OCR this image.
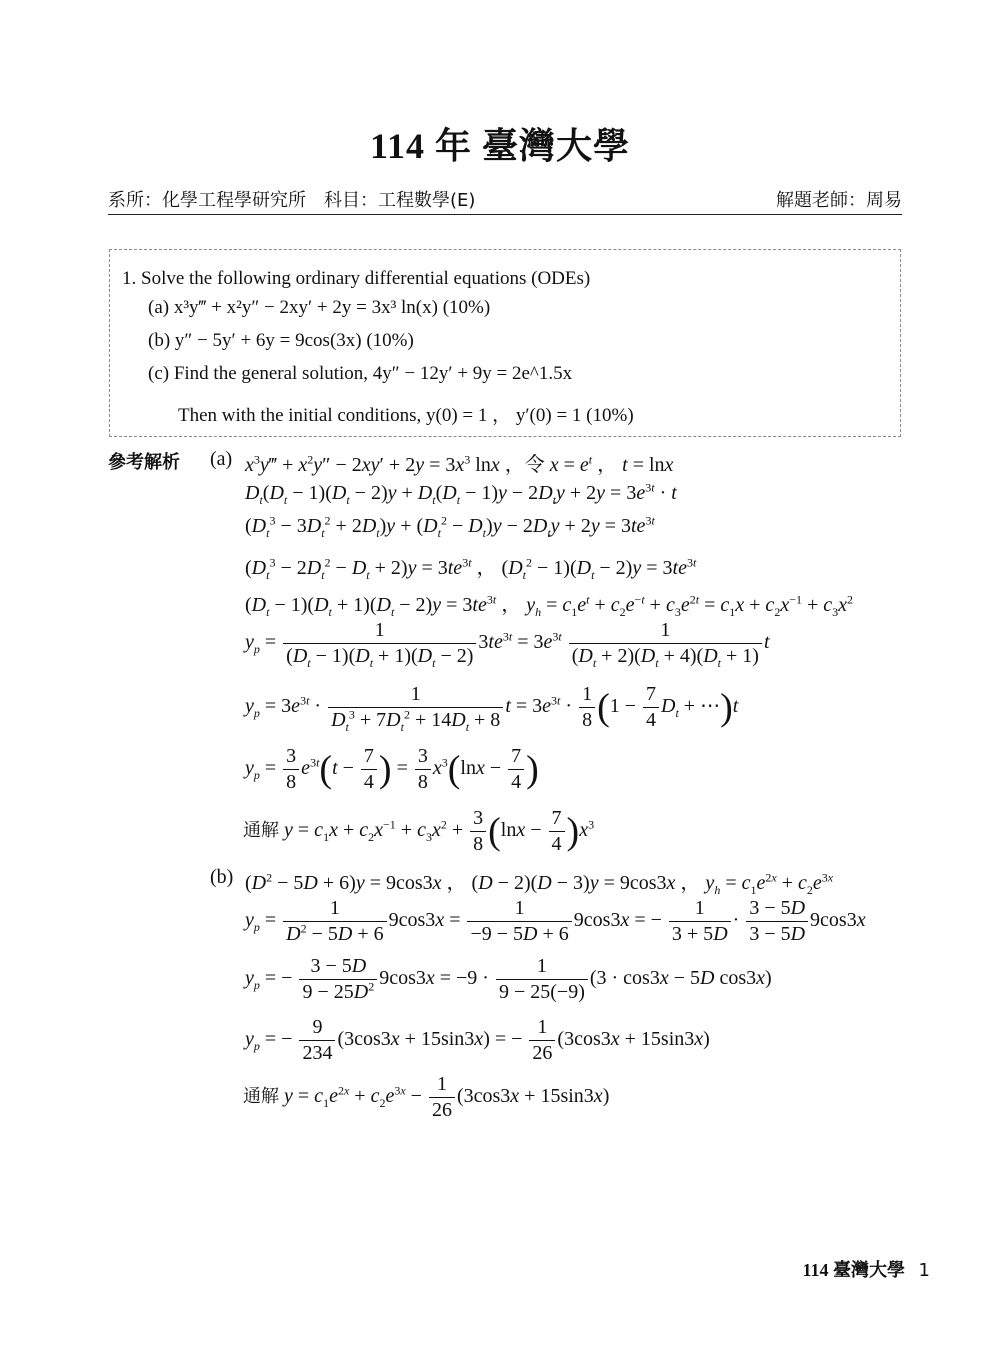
114 年 臺灣大學
系所：化學工程學研究所　科目：工程數學(E)	解題老師：周易
1. Solve the following ordinary differential equations (ODEs)
(a) x³y‴ + x²y″ − 2xy′ + 2y = 3x³ ln(x) (10%)
(b) y″ − 5y′ + 6y = 9cos(3x) (10%)
(c) Find the general solution, 4y″ − 12y′ + 9y = 2e^1.5x
Then with the initial conditions, y(0) = 1 ， y′(0) = 1 (10%)
參考解析 (a) $x^3y‴ + x^2y'' - 2xy' + 2y = 3x^3$ lnx ，令 $x = e^t$ ， t = lnx
$D_t(D_t - 1)(D_t - 2)y + D_t(D_t - 1)y - 2D_ty + 2y = 3e^{3t} \cdot t$
$(D_t^3 - 3D_t^2 + 2D_t)y + (D_t^2 - D_t)y - 2D_ty + 2y = 3te^{3t}$
$(D_t^3 - 2D_t^2 - D_t + 2)y = 3te^{3t}$ ， $(D_t^2 - 1)(D_t - 2)y = 3te^{3t}$
$(D_t - 1)(D_t + 1)(D_t - 2)y = 3te^{3t}$ ， $y_h = c_1e^t + c_2e^{-t} + c_3e^{2t} = c_1x + c_2x^{-1} + c_3x^2$
$y_p = \frac{1}{(D_t - 1)(D_t + 1)(D_t - 2)} 3te^{3t} = 3e^{3t} \frac{1}{(D_t + 2)(D_t + 4)(D_t + 1)}$ t
$y_p = 3e^{3t} \cdot \frac{1}{D_t^3 + 7D_t^2 + 14D_t + 8}$ $t = 3e^{3t} \cdot \frac{1}{8} (1 - \frac{7}{4} D_t$ + ⋯)t
$y_p = \frac{3}{8} e^{3t}(t - \frac{7}{4}$ ) = $\frac{3}{8} x^3(\ln x - \frac{7}{4}$ )
通解 $y = c_1x + c_2x^{-1} + c_3x^2 + \frac{3}{8} (\ln x - \frac{7}{4} )x^3$
(b) $(D^2 - 5D + 6)y = 9\cos 3x$ ， (D − 2)(D − 3)y = 9cos3x ， $y_h = c_1e^{2x} + c_2e^{3x}$
$y_p = \frac{1}{D^2 - 5D + 6} 9\cos 3x = \frac{1}{-9 - 5D + 6} 9\cos 3x$ = − $\frac{1}{3 + 5D} \cdot \frac{3 - 5D}{3 - 5D} 9\cos 3x$
$y_p$ = − $\frac{3 - 5D}{9 - 25D^2} 9\cos 3x = -9 \cdot \frac{1}{9 - 25(-9)} (3 \cdot \cos 3x - 5D$ cos3x)
$y_p$ = − $\frac{9}{234} (3\cos 3x + 15\sin 3x)$ = − $\frac{1}{26} (3\cos 3x + 15\sin 3x)$
通解 $y = c_1e^{2x} + c_2e^{3x} - \frac{1}{26} (3\cos 3x + 15\sin 3x)$
114 臺灣大學 1
